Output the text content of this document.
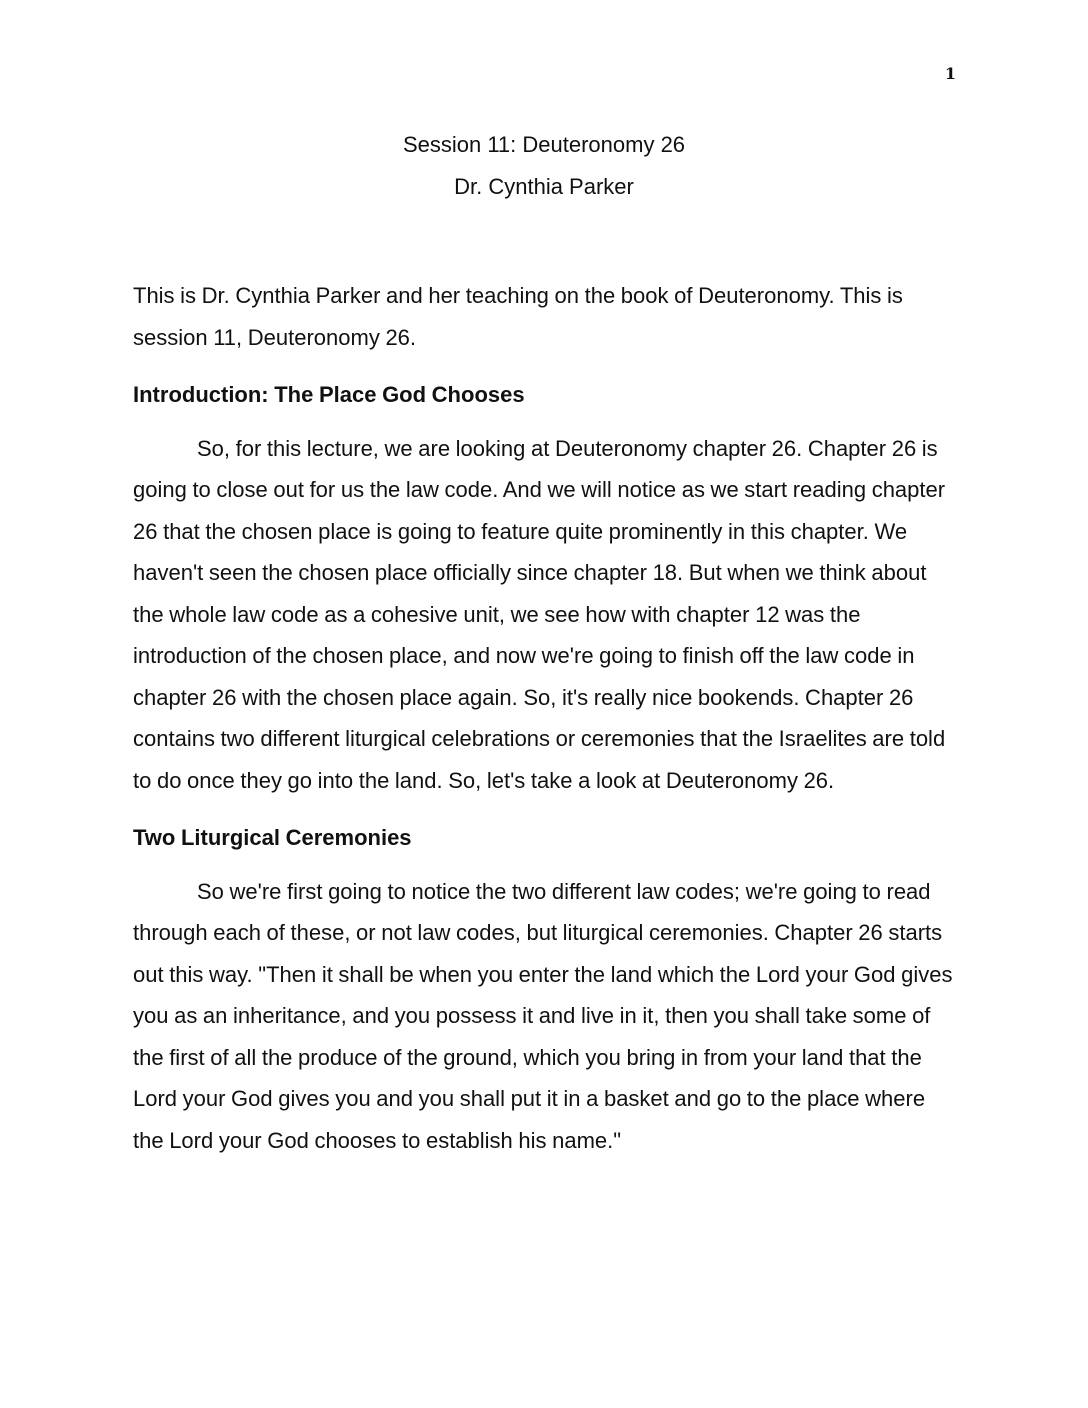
1
Session 11: Deuteronomy 26
Dr. Cynthia Parker

This is Dr. Cynthia Parker and her teaching on the book of Deuteronomy. This is session 11, Deuteronomy 26.

Introduction: The Place God Chooses

So, for this lecture, we are looking at Deuteronomy chapter 26. Chapter 26 is going to close out for us the law code. And we will notice as we start reading chapter 26 that the chosen place is going to feature quite prominently in this chapter. We haven't seen the chosen place officially since chapter 18. But when we think about the whole law code as a cohesive unit, we see how with chapter 12 was the introduction of the chosen place, and now we're going to finish off the law code in chapter 26 with the chosen place again. So, it's really nice bookends. Chapter 26 contains two different liturgical celebrations or ceremonies that the Israelites are told to do once they go into the land. So, let's take a look at Deuteronomy 26.

Two Liturgical Ceremonies

So we're first going to notice the two different law codes; we're going to read through each of these, or not law codes, but liturgical ceremonies. Chapter 26 starts out this way. "Then it shall be when you enter the land which the Lord your God gives you as an inheritance, and you possess it and live in it, then you shall take some of the first of all the produce of the ground, which you bring in from your land that the Lord your God gives you and you shall put it in a basket and go to the place where the Lord your God chooses to establish his name."
